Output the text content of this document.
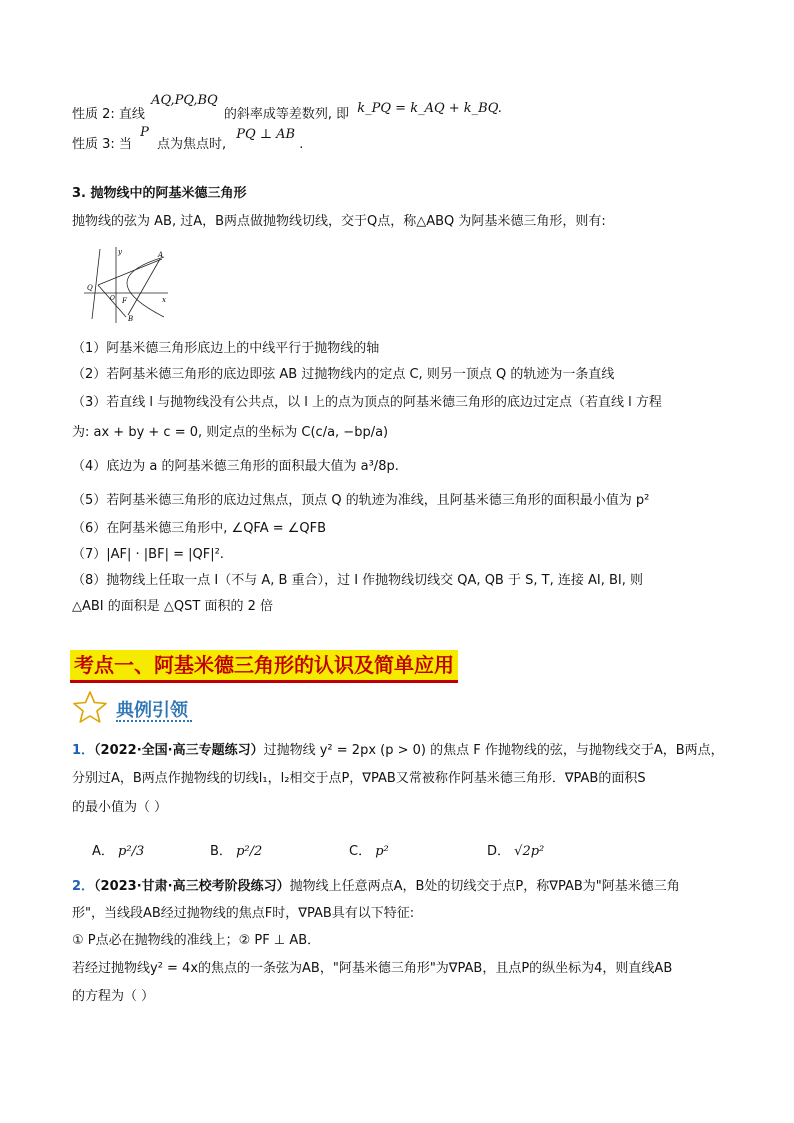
性质 2: 直线 AQ,PQ,BQ 的斜率成等差数列, 即 k_PQ = k_AQ + k_BQ.
性质 3: 当 P 点为焦点时, PQ ⊥ AB .
3. 抛物线中的阿基米德三角形
抛物线的弦为 AB, 过A，B两点做抛物线切线，交于Q点，称△ABQ 为阿基米德三角形，则有:
y
x
A
Q
F
B
O
（1）阿基米德三角形底边上的中线平行于抛物线的轴
（2）若阿基米德三角形的底边即弦 AB 过抛物线内的定点 C, 则另一顶点 Q 的轨迹为一条直线
（3）若直线 l 与抛物线没有公共点，以 l 上的点为顶点的阿基米德三角形的底边过定点（若直线 l 方程
为: ax + by + c = 0, 则定点的坐标为 C(c/a, −bp/a)
（4）底边为 a 的阿基米德三角形的面积最大值为 a³/8p.
（5）若阿基米德三角形的底边过焦点，顶点 Q 的轨迹为准线，且阿基米德三角形的面积最小值为 p²
（6）在阿基米德三角形中, ∠QFA = ∠QFB
（7）|AF| · |BF| = |QF|².
（8）抛物线上任取一点 I（不与 A, B 重合），过 I 作抛物线切线交 QA, QB 于 S, T, 连接 AI, BI, 则
△ABI 的面积是 △QST 面积的 2 倍
考点一、阿基米德三角形的认识及简单应用
典例引领
1．（2022·全国·高三专题练习）过抛物线 y² = 2px (p > 0) 的焦点 F 作抛物线的弦，与抛物线交于A，B两点，
分别过A，B两点作抛物线的切线l₁，l₂相交于点P，∇PAB又常被称作阿基米德三角形．∇PAB的面积S
的最小值为（ ）
A． p²/3	B． p²/2	C． p²	D． √2p²
2．（2023·甘肃·高三校考阶段练习）抛物线上任意两点A，B处的切线交于点P，称∇PAB为"阿基米德三角
形"，当线段AB经过抛物线的焦点F时，∇PAB具有以下特征:
① P点必在抛物线的准线上；② PF ⊥ AB．
若经过抛物线y² = 4x的焦点的一条弦为AB，"阿基米德三角形"为∇PAB，且点P的纵坐标为4，则直线AB
的方程为（ ）
